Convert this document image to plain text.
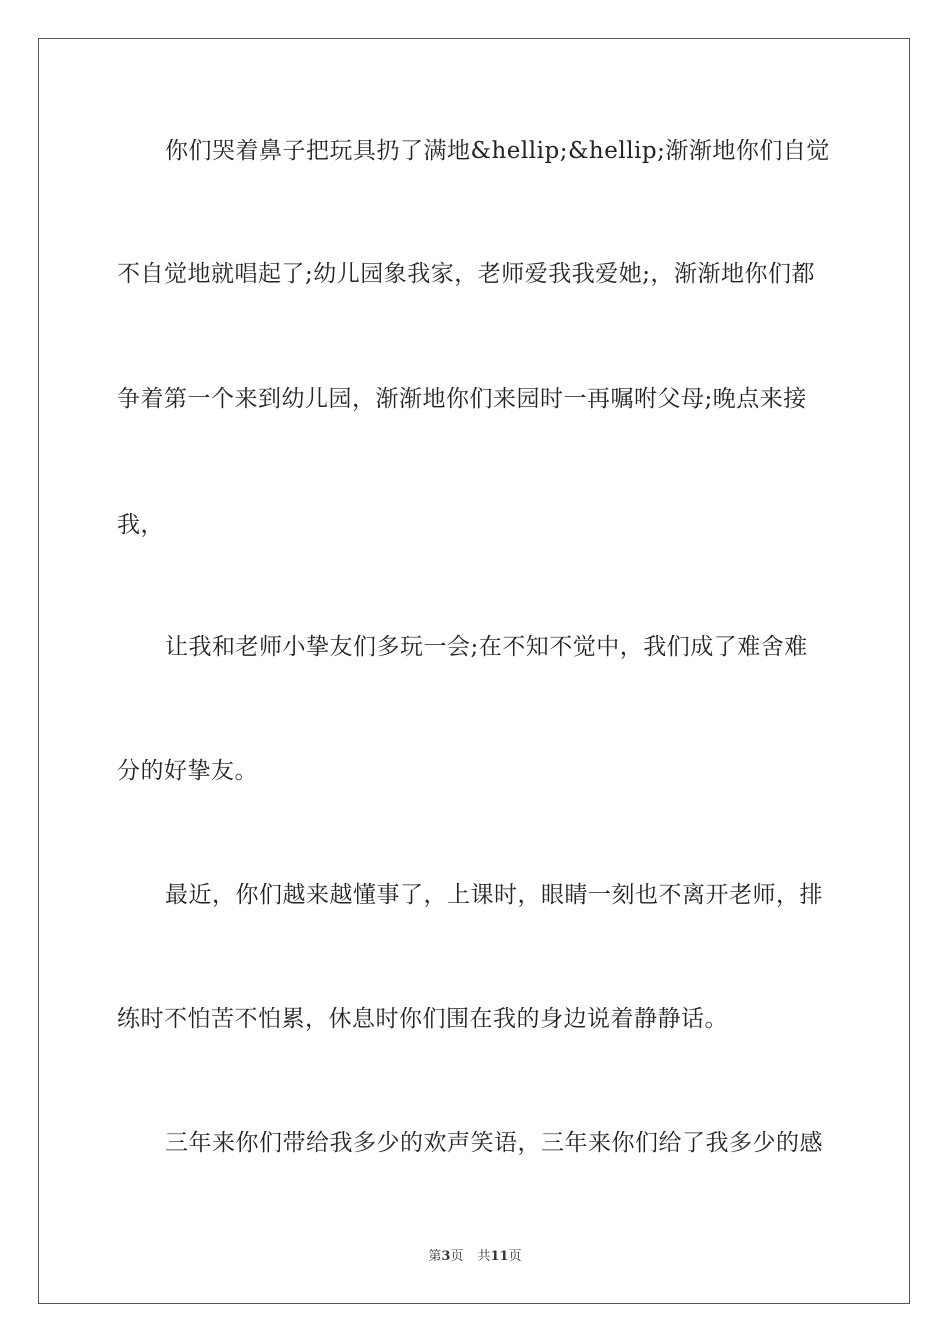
你们哭着鼻子把玩具扔了满地&hellip;&hellip;渐渐地你们自觉
不自觉地就唱起了;幼儿园象我家，老师爱我我爱她;，渐渐地你们都
争着第一个来到幼儿园，渐渐地你们来园时一再嘱咐父母;晚点来接
我，
让我和老师小挚友们多玩一会;在不知不觉中，我们成了难舍难
分的好挚友。
最近，你们越来越懂事了，上课时，眼睛一刻也不离开老师，排
练时不怕苦不怕累，休息时你们围在我的身边说着静静话。
三年来你们带给我多少的欢声笑语，三年来你们给了我多少的感
第3页 共11页
